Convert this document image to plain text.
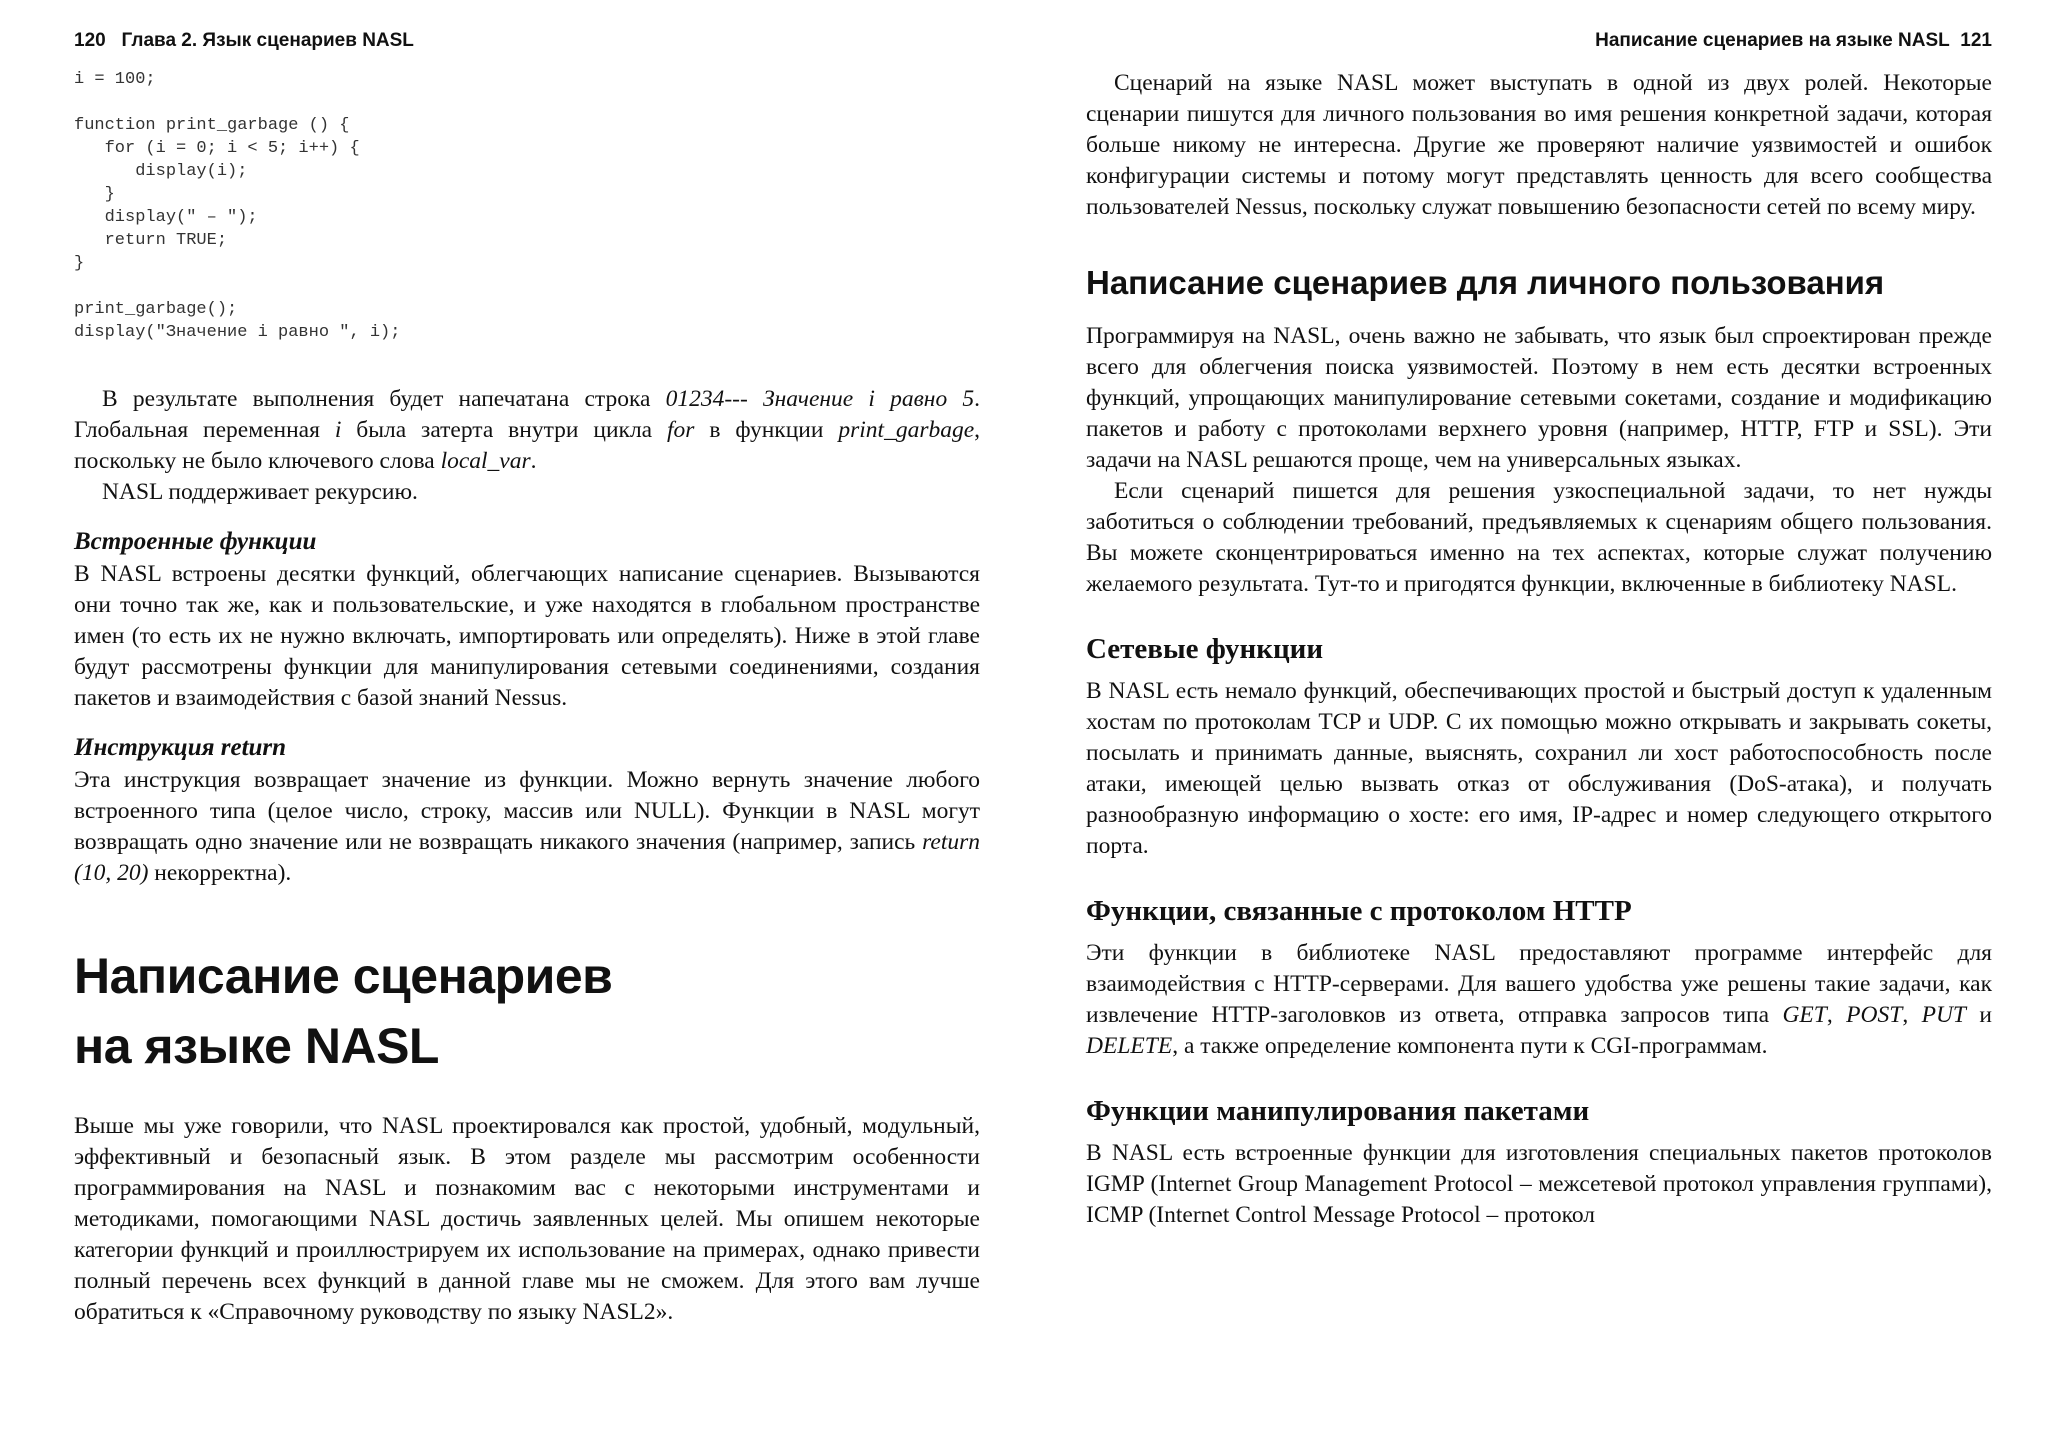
120 Глава 2. Язык сценариев NASL
i = 100;

function print_garbage () {
for (i = 0; i < 5; i++) {
display(i);
}
display(" – ");
return TRUE;
}

print_garbage();
display("Значение i равно ", i);

В результате выполнения будет напечатана строка 01234--- Значение i равно 5. Глобальная переменная i была затерта внутри цикла for в функции print_garbage, поскольку не было ключевого слова local_var.

NASL поддерживает рекурсию.

Встроенные функции

В NASL встроены десятки функций, облегчающих написание сценариев. Вызываются они точно так же, как и пользовательские, и уже находятся в глобальном пространстве имен (то есть их не нужно включать, импортировать или определять). Ниже в этой главе будут рассмотрены функции для манипулирования сетевыми соединениями, создания пакетов и взаимодействия с базой знаний Nessus.

Инструкция return

Эта инструкция возвращает значение из функции. Можно вернуть значение любого встроенного типа (целое число, строку, массив или NULL). Функции в NASL могут возвращать одно значение или не возвращать никакого значения (например, запись return (10, 20) некорректна).

Написание сценариев
на языке NASL

Выше мы уже говорили, что NASL проектировался как простой, удобный, модульный, эффективный и безопасный язык. В этом разделе мы рассмотрим особенности программирования на NASL и познакомим вас с некоторыми инструментами и методиками, помогающими NASL достичь заявленных целей. Мы опишем некоторые категории функций и проиллюстрируем их использование на примерах, однако привести полный перечень всех функций в данной главе мы не сможем. Для этого вам лучше обратиться к «Справочному руководству по языку NASL2».

Написание сценариев на языке NASL 121

Сценарий на языке NASL может выступать в одной из двух ролей. Некоторые сценарии пишутся для личного пользования во имя решения конкретной задачи, которая больше никому не интересна. Другие же проверяют наличие уязвимостей и ошибок конфигурации системы и потому могут представлять ценность для всего сообщества пользователей Nessus, поскольку служат повышению безопасности сетей по всему миру.

Написание сценариев для личного пользования

Программируя на NASL, очень важно не забывать, что язык был спроектирован прежде всего для облегчения поиска уязвимостей. Поэтому в нем есть десятки встроенных функций, упрощающих манипулирование сетевыми сокетами, создание и модификацию пакетов и работу с протоколами верхнего уровня (например, HTTP, FTP и SSL). Эти задачи на NASL решаются проще, чем на универсальных языках.

Если сценарий пишется для решения узкоспециальной задачи, то нет нужды заботиться о соблюдении требований, предъявляемых к сценариям общего пользования. Вы можете сконцентрироваться именно на тех аспектах, которые служат получению желаемого результата. Тут-то и пригодятся функции, включенные в библиотеку NASL.

Сетевые функции

В NASL есть немало функций, обеспечивающих простой и быстрый доступ к удаленным хостам по протоколам TCP и UDP. С их помощью можно открывать и закрывать сокеты, посылать и принимать данные, выяснять, сохранил ли хост работоспособность после атаки, имеющей целью вызвать отказ от обслуживания (DoS-атака), и получать разнообразную информацию о хосте: его имя, IP-адрес и номер следующего открытого порта.

Функции, связанные с протоколом HTTP

Эти функции в библиотеке NASL предоставляют программе интерфейс для взаимодействия с HTTP-серверами. Для вашего удобства уже решены такие задачи, как извлечение HTTP-заголовков из ответа, отправка запросов типа GET, POST, PUT и DELETE, а также определение компонента пути к CGI-программам.

Функции манипулирования пакетами

В NASL есть встроенные функции для изготовления специальных пакетов протоколов IGMP (Internet Group Management Protocol – межсетевой протокол управления группами), ICMP (Internet Control Message Protocol – протокол
